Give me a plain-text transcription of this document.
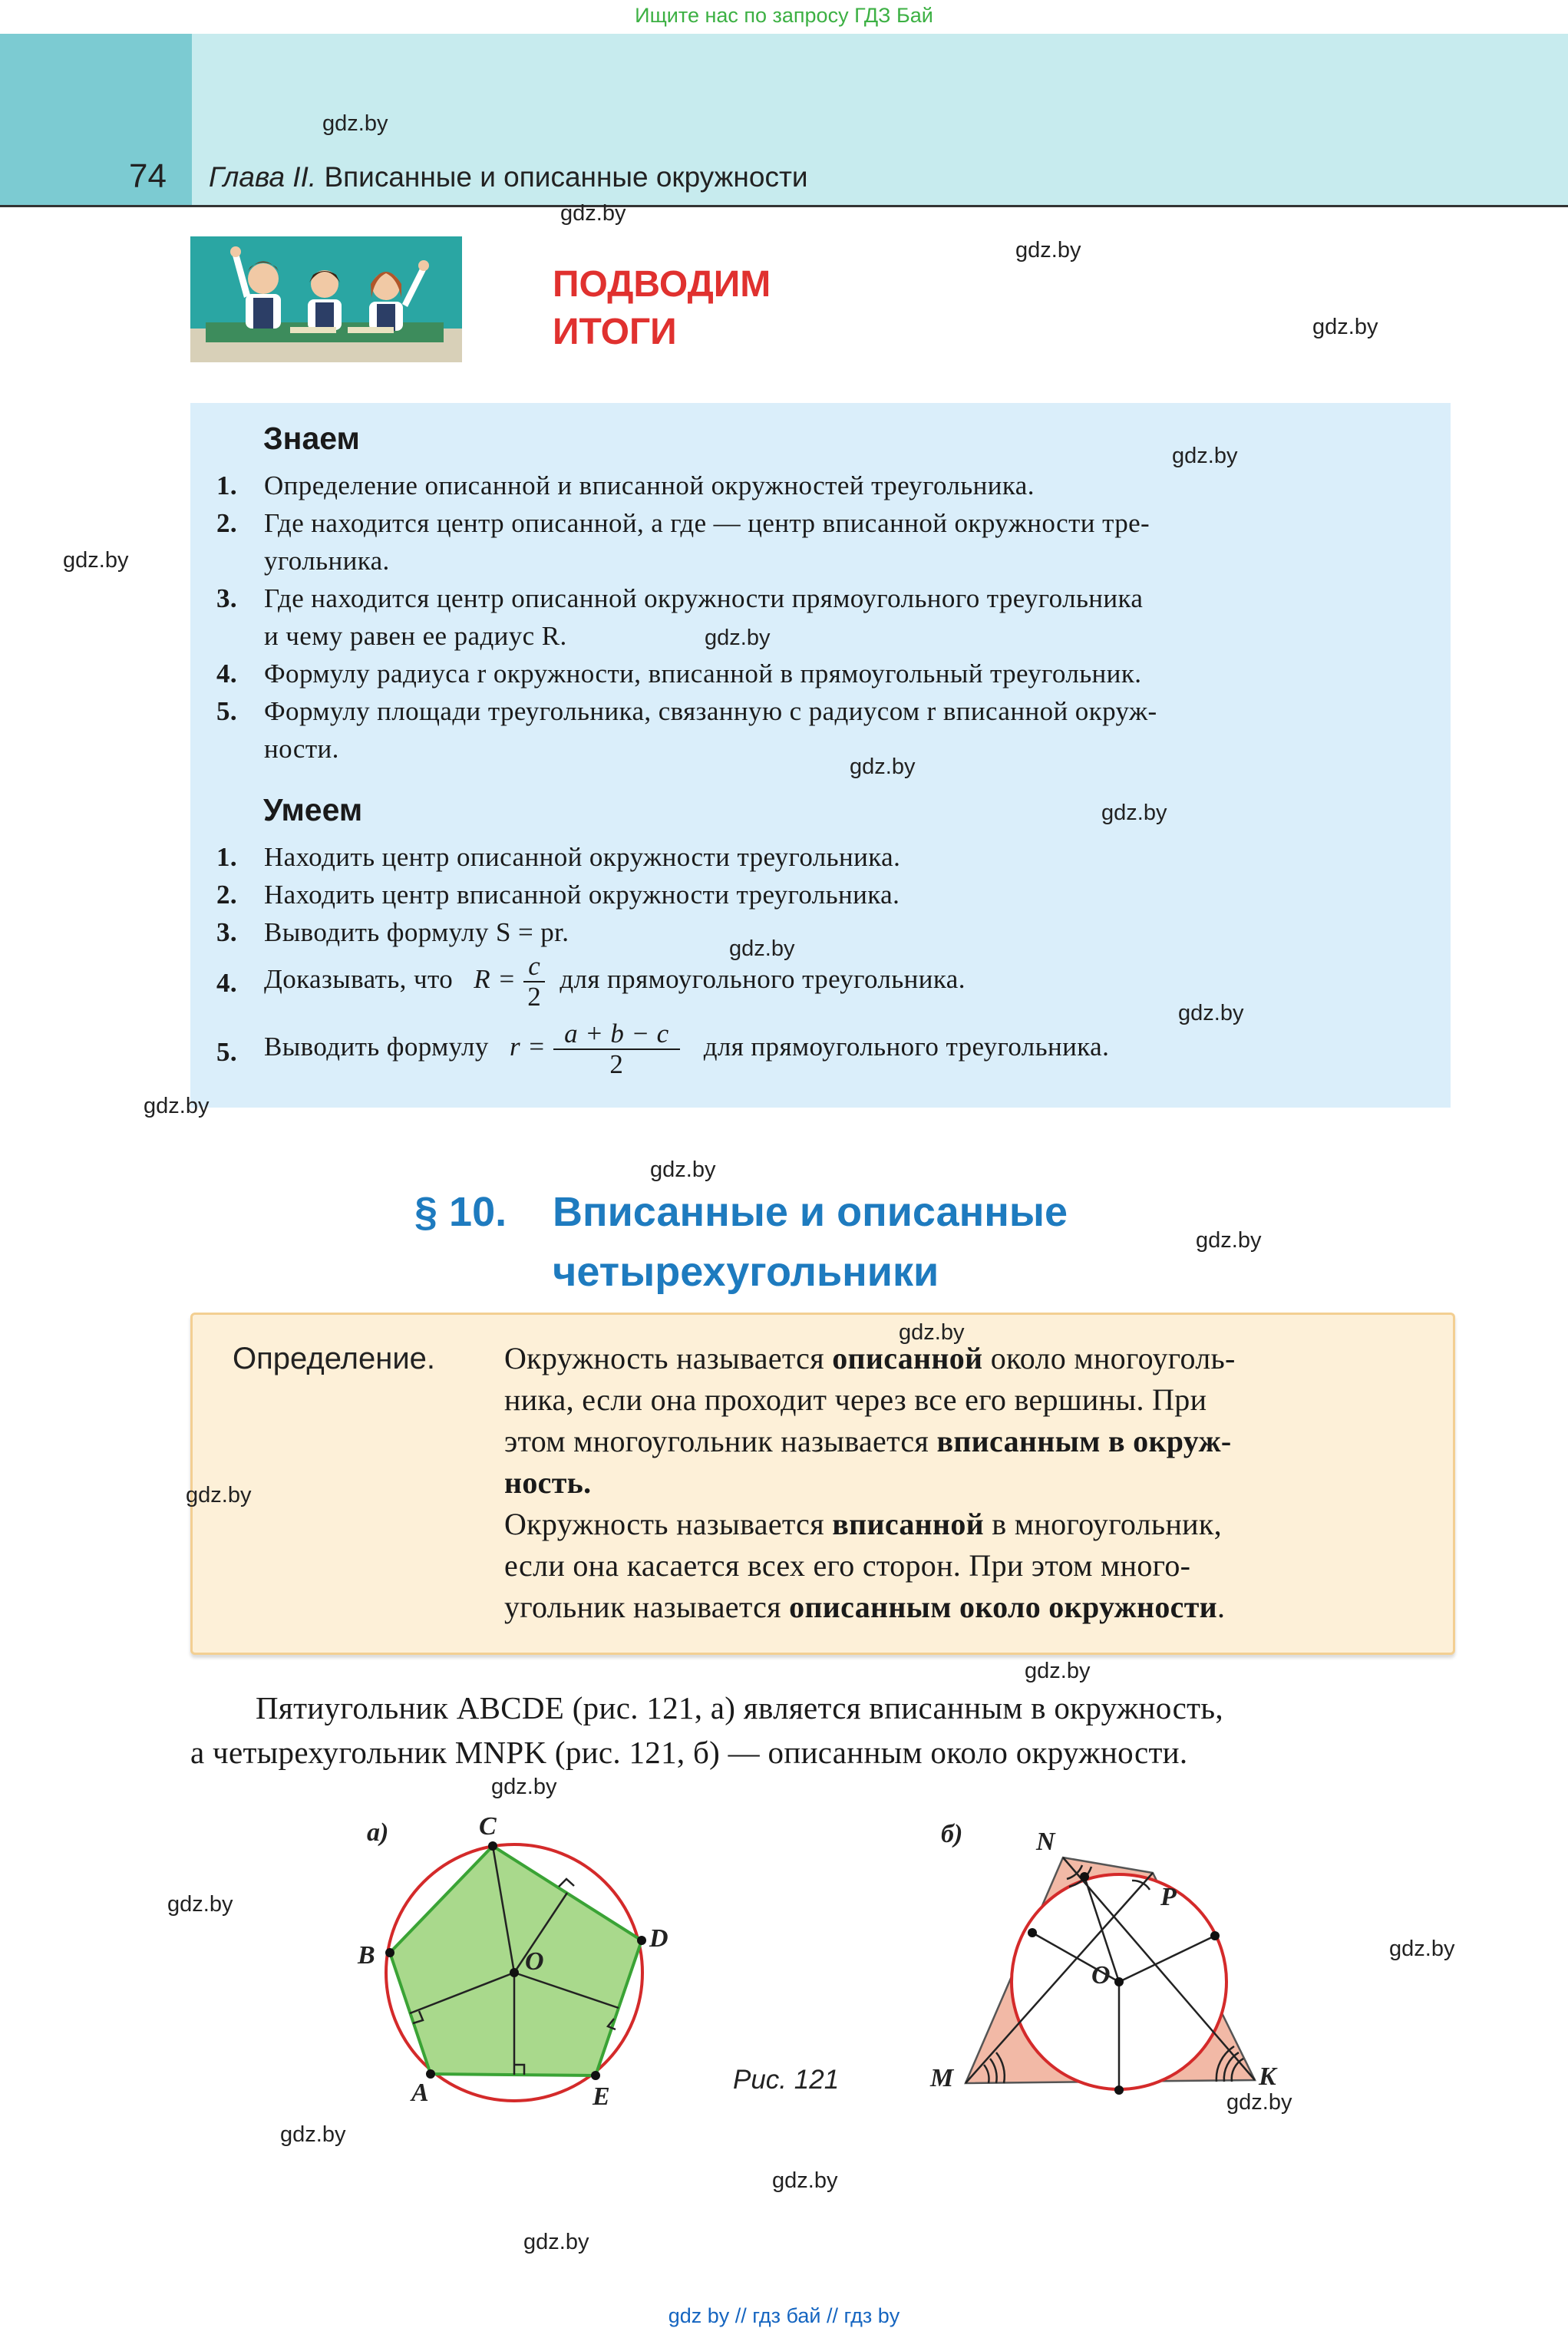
Ищите нас по запросу ГДЗ Бай
74 Глава II. Вписанные и описанные окружности
ПОДВОДИМ
ИТОГИ
Знаем
1. Определение описанной и вписанной окружностей треугольника.
2. Где находится центр описанной, а где — центр вписанной окружности тре-
угольника.
3. Где находится центр описанной окружности прямоугольного треугольника
и чему равен ее радиус R.
4. Формулу радиуса r окружности, вписанной в прямоугольный треугольник.
5. Формулу площади треугольника, связанную с радиусом r вписанной окруж-
ности.
Умеем
1. Находить центр описанной окружности треугольника.
2. Находить центр вписанной окружности треугольника.
3. Выводить формулу S = pr.
4. Доказывать, что $R = \frac{c}{2}$ для прямоугольного треугольника.
5. Выводить формулу $r = \frac{a + b - c}{2}$ для прямоугольного треугольника.
§ 10. Вписанные и описанные

четырехугольники
Определение. Окружность называется описанной около многоуголь-
ника, если она проходит через все его вершины. При
этом многоугольник называется вписанным в окруж-
ность.
Окружность называется вписанной в многоугольник,
если она касается всех его сторон. При этом много-
угольник называется описанным около окружности.
Пятиугольник ABCDE (рис. 121, а) является вписанным в окружность,
а четырехугольник MNPK (рис. 121, б) — описанным около окружности.
а)	C
D
E
A
B	O
Рис. 121
б)	N
P
M	K
O
gdz.by
gdz.by
gdz.by
gdz.by
gdz.by
gdz.by
gdz.by
gdz.by
gdz.by
gdz.by
gdz.by
gdz.by
gdz.by
gdz.by
gdz.by
gdz.by
gdz.by
gdz.by
gdz.by
gdz.by
gdz.by
gdz.by
gdz.by
gdz.by
gdz by // гдз бай // гдз by
